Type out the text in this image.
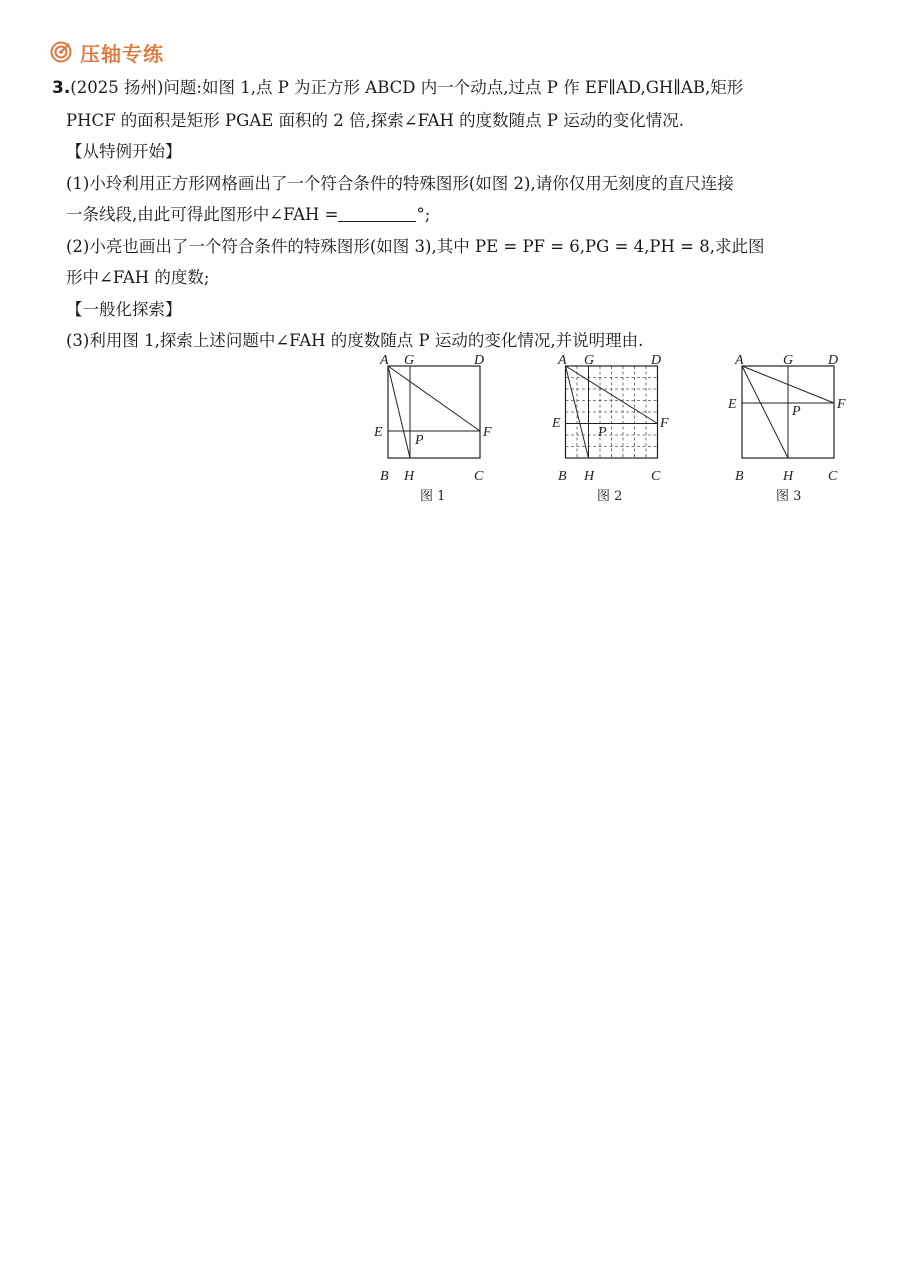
压轴专练
3.(2025 扬州)问题:如图 1,点 P 为正方形 ABCD 内一个动点,过点 P 作 EF∥AD,GH∥AB,矩形
PHCF 的面积是矩形 PGAE 面积的 2 倍,探索∠FAH 的度数随点 P 运动的变化情况.
【从特例开始】
(1)小玲利用正方形网格画出了一个符合条件的特殊图形(如图 2),请你仅用无刻度的直尺连接
一条线段,由此可得此图形中∠FAH =	°;
(2)小亮也画出了一个符合条件的特殊图形(如图 3),其中 PE = PF = 6,PG = 4,PH = 8,求此图
形中∠FAH 的度数;
【一般化探索】
(3)利用图 1,探索上述问题中∠FAH 的度数随点 P 运动的变化情况,并说明理由.
A G	D
E
P
F
B H	C
图 1
A G	D
E
P
F
B H	C
图 2
A	G D
E	P	F
B	H C
图 3
